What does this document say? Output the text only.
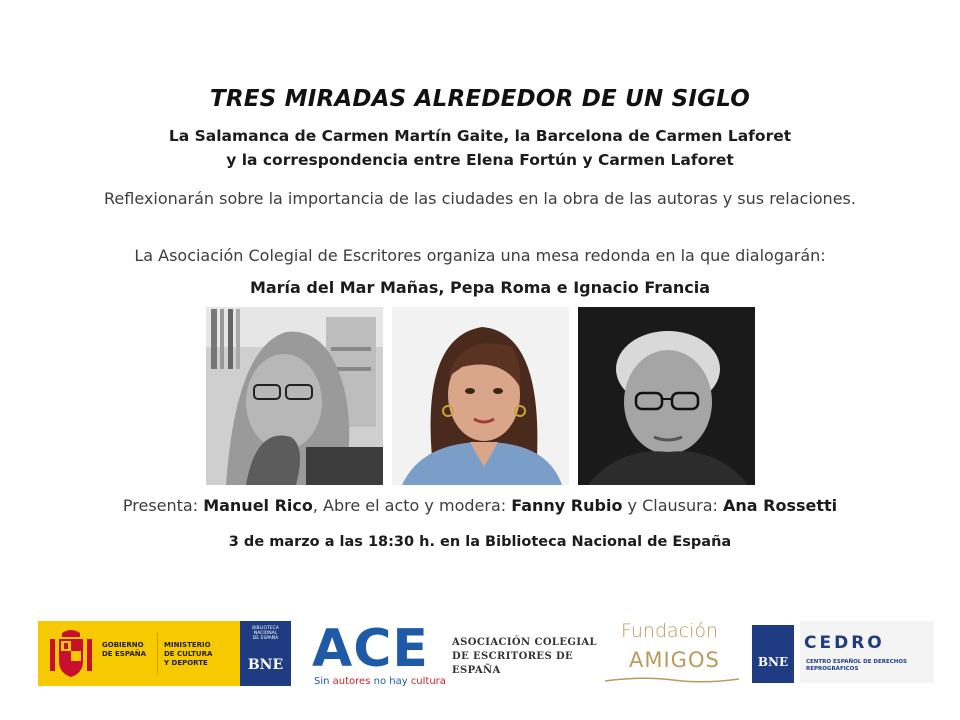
TRES MIRADAS ALREDEDOR DE UN SIGLO
La Salamanca de Carmen Martín Gaite, la Barcelona de Carmen Laforet
y la correspondencia entre Elena Fortún y Carmen Laforet
Reflexionarán sobre la importancia de las ciudades en la obra de las autoras y sus relaciones.
La Asociación Colegial de Escritores organiza una mesa redonda en la que dialogarán:
María del Mar Mañas, Pepa Roma e Ignacio Francia
Presenta: Manuel Rico, Abre el acto y modera: Fanny Rubio y Clausura: Ana Rossetti
3 de marzo a las 18:30 h. en la Biblioteca Nacional de España
GOBIERNO
DE ESPAÑA
MINISTERIO
DE CULTURA
Y DEPORTE
BIBLIOTECA
NACIONAL
DE ESPAÑA
BNE ACE
Sin autores no hay cultura
ASOCIACIÓN COLEGIAL
DE ESCRITORES DE ESPAÑA
Fundación
AMIGOS	BNE
CEDRO
CENTRO ESPAÑOL DE DERECHOS
REPROGRÁFICOS
